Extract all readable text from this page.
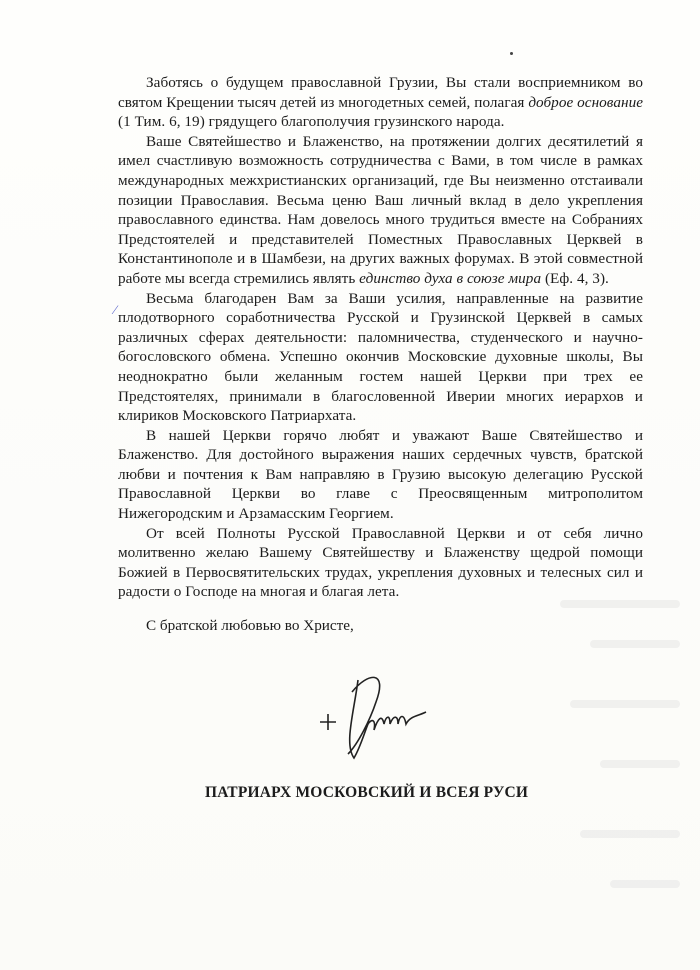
Заботясь о будущем православной Грузии, Вы стали восприемником во святом Крещении тысяч детей из многодетных семей, полагая доброе основание (1 Тим. 6, 19) грядущего благополучия грузинского народа.

Ваше Святейшество и Блаженство, на протяжении долгих десятилетий я имел счастливую возможность сотрудничества с Вами, в том числе в рамках международных межхристианских организаций, где Вы неизменно отстаивали позиции Православия. Весьма ценю Ваш личный вклад в дело укрепления православного единства. Нам довелось много трудиться вместе на Собраниях Предстоятелей и представителей Поместных Православных Церквей в Константинополе и в Шамбези, на других важных форумах. В этой совместной работе мы всегда стремились являть единство духа в союзе мира (Еф. 4, 3).

Весьма благодарен Вам за Ваши усилия, направленные на развитие плодотворного соработничества Русской и Грузинской Церквей в самых различных сферах деятельности: паломничества, студенческого и научно-богословского обмена. Успешно окончив Московские духовные школы, Вы неоднократно были желанным гостем нашей Церкви при трех ее Предстоятелях, принимали в благословенной Иверии многих иерархов и клириков Московского Патриархата.

В нашей Церкви горячо любят и уважают Ваше Святейшество и Блаженство. Для достойного выражения наших сердечных чувств, братской любви и почтения к Вам направляю в Грузию высокую делегацию Русской Православной Церкви во главе с Преосвященным митрополитом Нижегородским и Арзамасским Георгием.

От всей Полноты Русской Православной Церкви и от себя лично молитвенно желаю Вашему Святейшеству и Блаженству щедрой помощи Божией в Первосвятительских трудах, укрепления духовных и телесных сил и радости о Господе на многая и благая лета.

∕
С братской любовью во Христе,
ПАТРИАРХ МОСКОВСКИЙ И ВСЕЯ РУСИ
